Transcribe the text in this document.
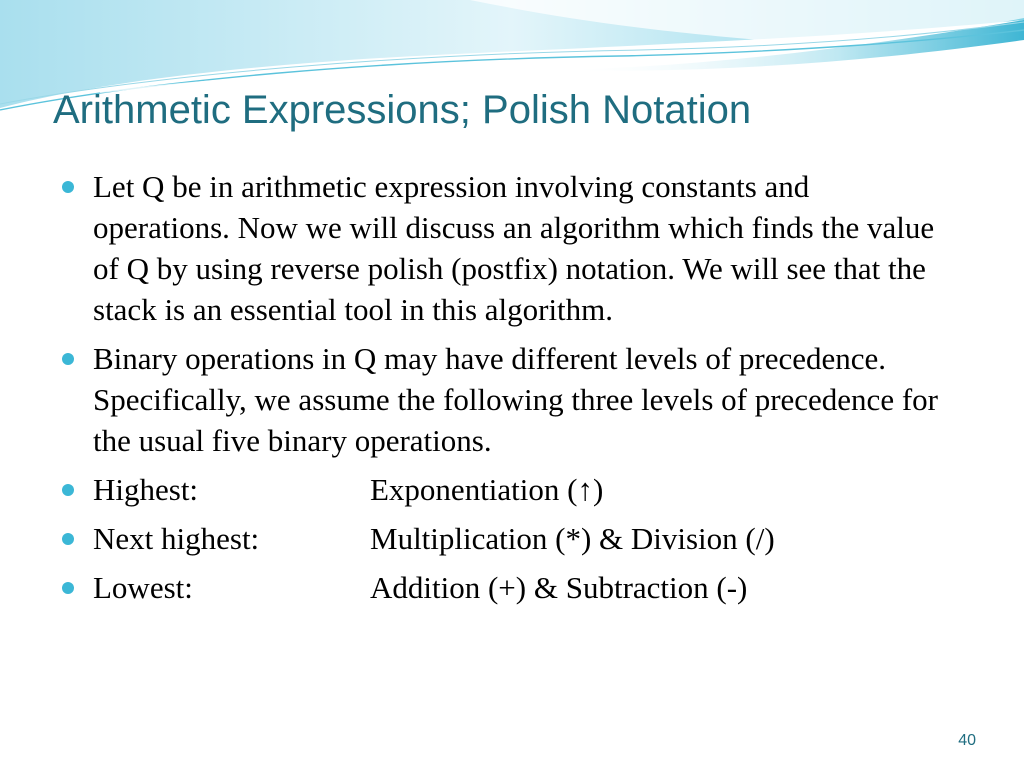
Arithmetic Expressions; Polish Notation
Let Q be in arithmetic expression involving constants and operations. Now we will discuss an algorithm which finds the value of Q by using reverse polish (postfix) notation. We will see that the stack is an essential tool in this algorithm.
Binary operations in Q may have different levels of precedence. Specifically, we assume the following three levels of precedence for the usual five binary operations.
Highest:	Exponentiation (↑)
Next highest:	Multiplication (*) & Division (/)
Lowest:	Addition (+) & Subtraction (-)
40
